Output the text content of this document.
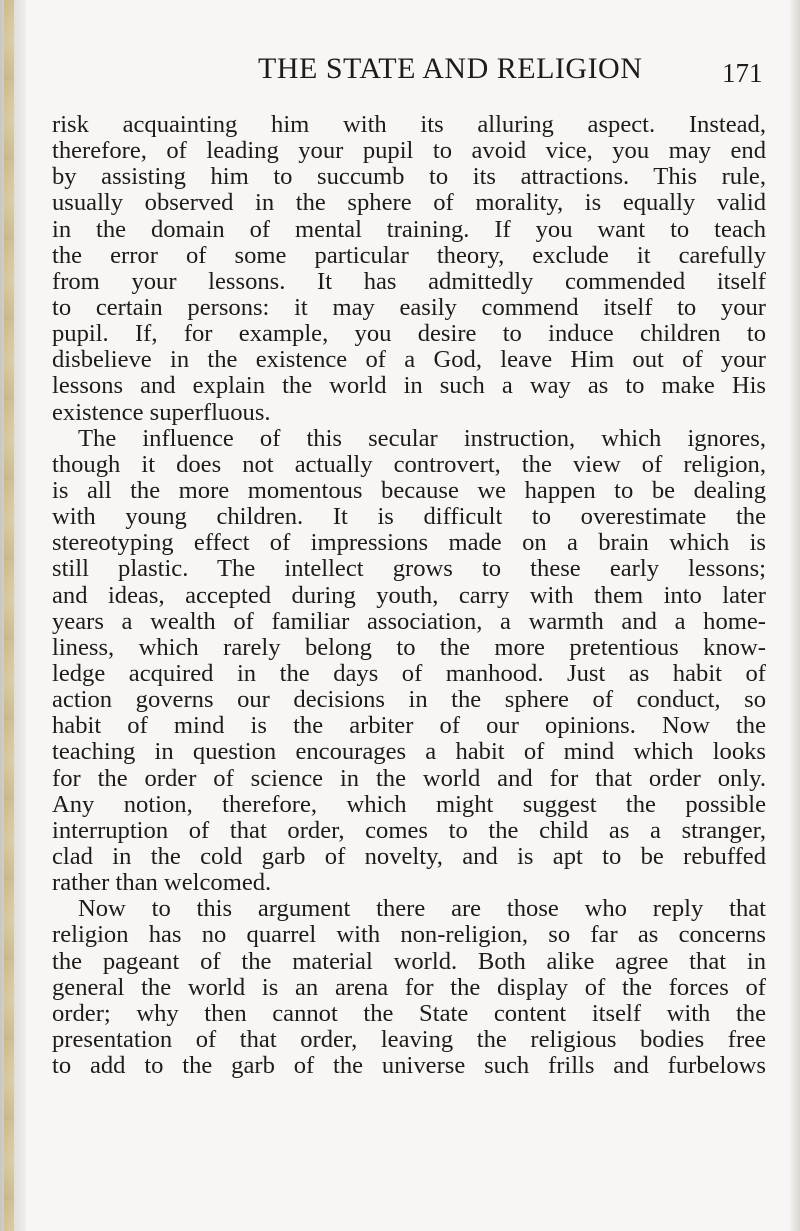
THE STATE AND RELIGION	171
risk acquainting him with its alluring aspect. Instead,
therefore, of leading your pupil to avoid vice, you may end
by assisting him to succumb to its attractions. This rule,
usually observed in the sphere of morality, is equally valid
in the domain of mental training. If you want to teach
the error of some particular theory, exclude it carefully
from your lessons. It has admittedly commended itself
to certain persons: it may easily commend itself to your
pupil. If, for example, you desire to induce children to
disbelieve in the existence of a God, leave Him out of your
lessons and explain the world in such a way as to make His
existence superfluous.
The influence of this secular instruction, which ignores,
though it does not actually controvert, the view of religion,
is all the more momentous because we happen to be dealing
with young children. It is difficult to overestimate the
stereotyping effect of impressions made on a brain which is
still plastic. The intellect grows to these early lessons;
and ideas, accepted during youth, carry with them into later
years a wealth of familiar association, a warmth and a home-
liness, which rarely belong to the more pretentious know-
ledge acquired in the days of manhood. Just as habit of
action governs our decisions in the sphere of conduct, so
habit of mind is the arbiter of our opinions. Now the
teaching in question encourages a habit of mind which looks
for the order of science in the world and for that order only.
Any notion, therefore, which might suggest the possible
interruption of that order, comes to the child as a stranger,
clad in the cold garb of novelty, and is apt to be rebuffed
rather than welcomed.
Now to this argument there are those who reply that
religion has no quarrel with non-religion, so far as concerns
the pageant of the material world. Both alike agree that in
general the world is an arena for the display of the forces of
order; why then cannot the State content itself with the
presentation of that order, leaving the religious bodies free
to add to the garb of the universe such frills and furbelows
